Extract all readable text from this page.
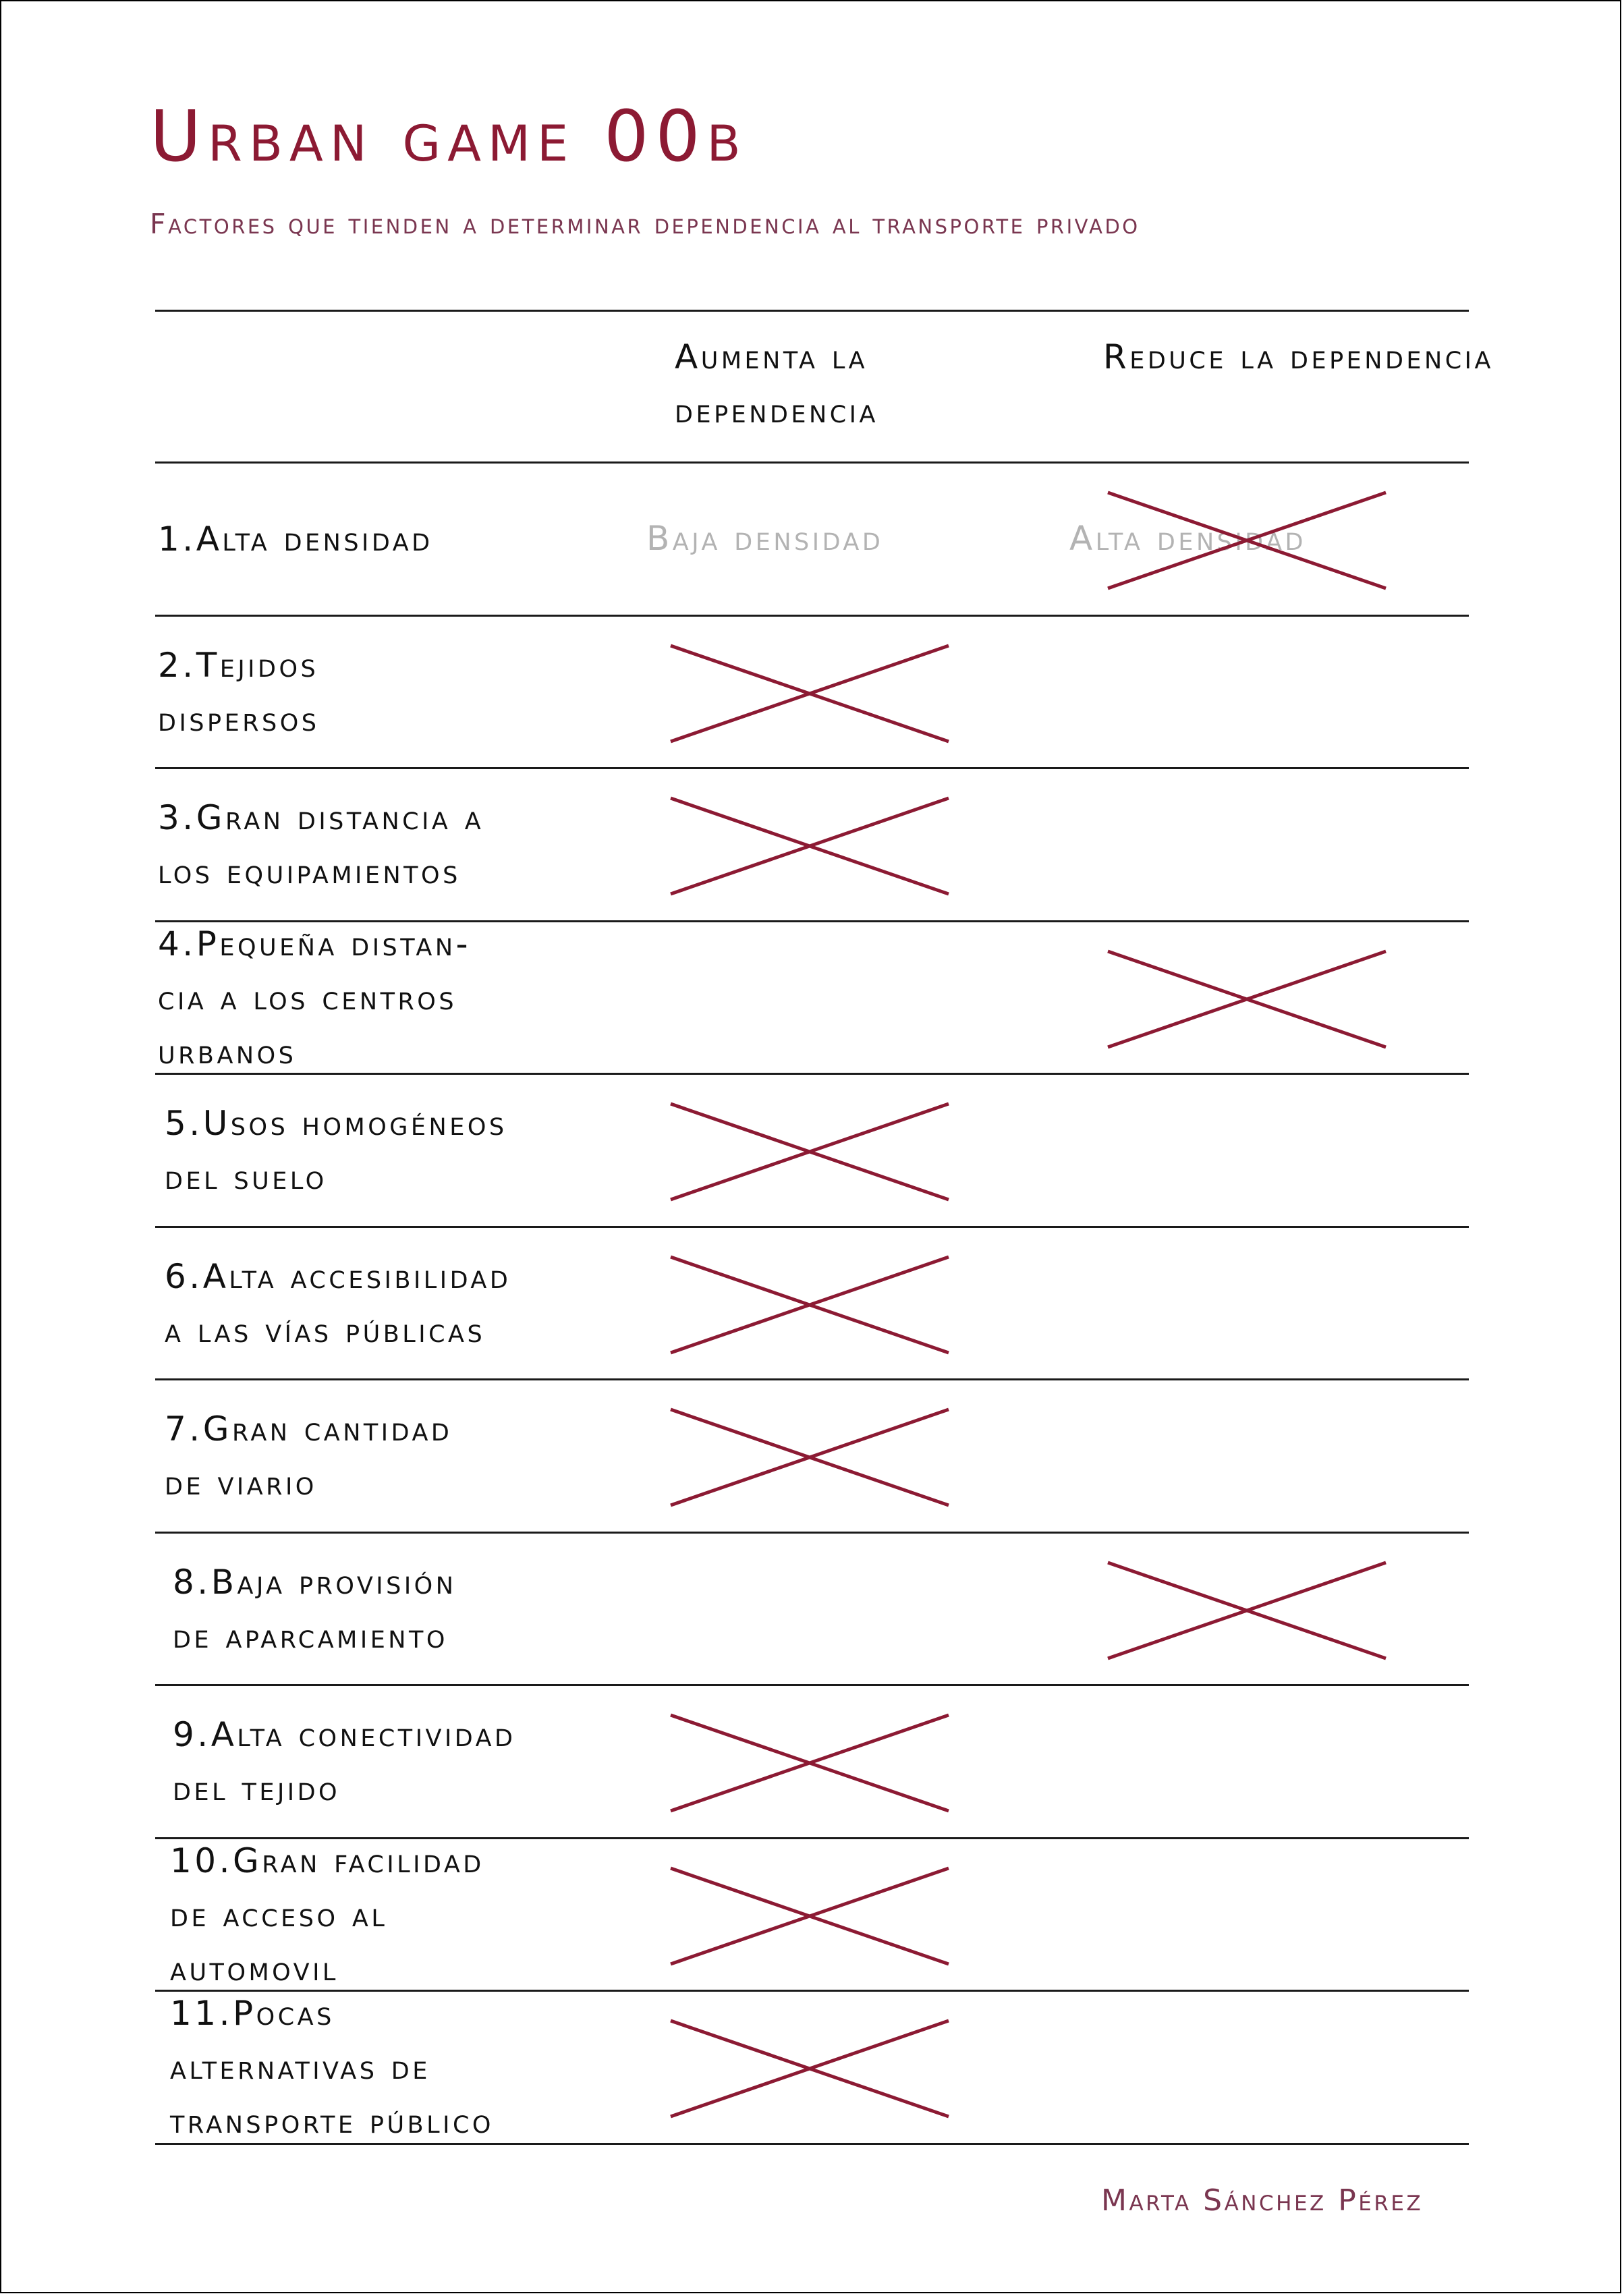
Urban game 00b
Factores que tienden a determinar dependencia al transporte privado
Aumenta la dependencia
Reduce la dependencia
1.Alta densidad	Baja densidad	Alta densidad
2.Tejidos
dispersos
3.Gran distancia a
los equipamientos
4.Pequeña distan-
cia a los centros
urbanos
5.Usos homogéneos
del suelo
6.Alta accesibilidad
a las vías públicas
7.Gran cantidad
de viario
8.Baja provisión
de aparcamiento
9.Alta conectividad
del tejido
10.Gran facilidad
de acceso al
automovil
11.Pocas
alternativas de
transporte público
Marta Sánchez Pérez
